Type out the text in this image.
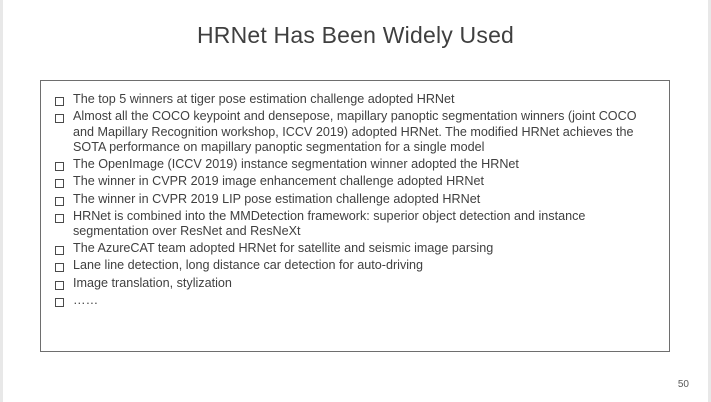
HRNet Has Been Widely Used
The top 5 winners at tiger pose estimation challenge adopted HRNet
Almost all the COCO keypoint and densepose, mapillary panoptic segmentation winners (joint COCO and Mapillary Recognition workshop, ICCV 2019) adopted HRNet. The modified HRNet achieves the SOTA performance on mapillary panoptic segmentation for a single model
The OpenImage (ICCV 2019) instance segmentation winner adopted the HRNet
The winner in CVPR 2019 image enhancement challenge adopted HRNet
The winner in CVPR 2019 LIP pose estimation challenge adopted HRNet
HRNet is combined into the MMDetection framework: superior object detection and instance segmentation over ResNet and ResNeXt
The AzureCAT team adopted HRNet for satellite and seismic image parsing
Lane line detection, long distance car detection for auto-driving
Image translation, stylization
……
50
